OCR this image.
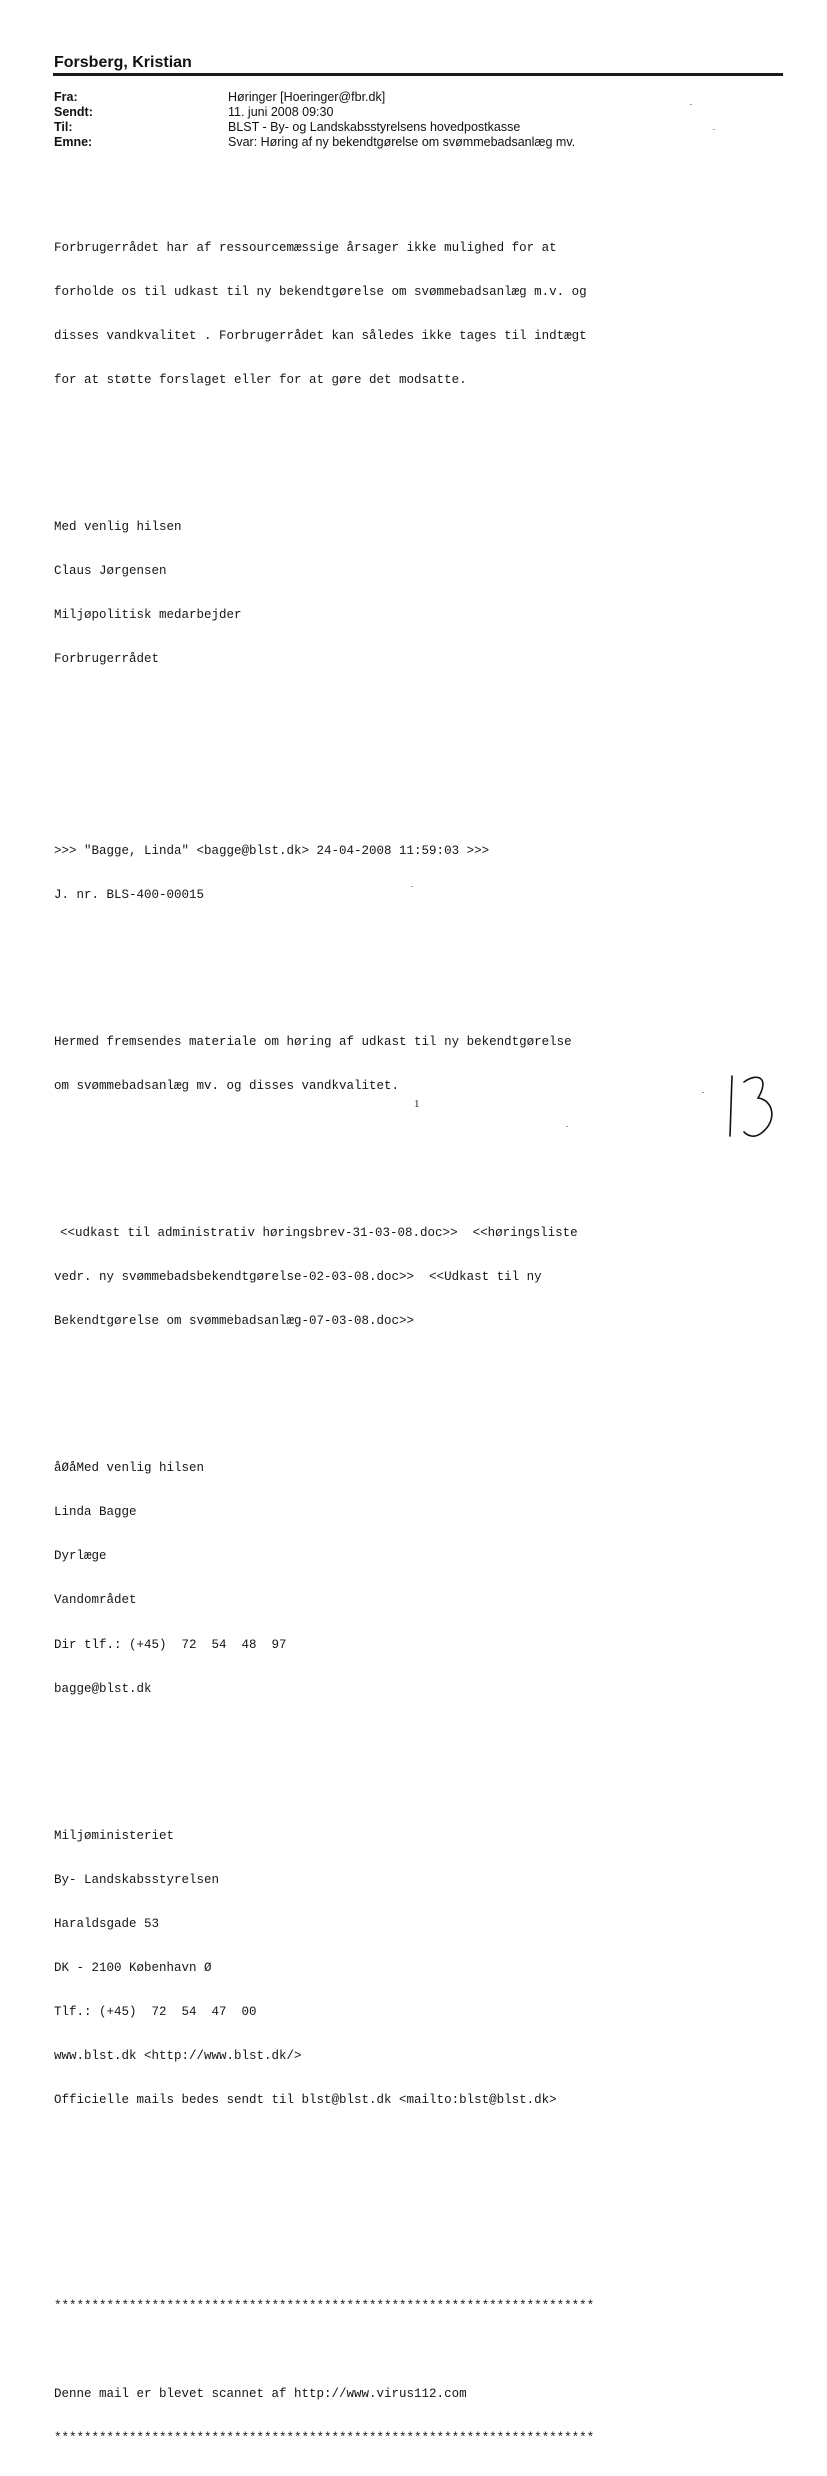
Forsberg, Kristian
Fra:	Høringer [Hoeringer@fbr.dk]
Sendt:	11. juni 2008 09:30
Til:	BLST - By- og Landskabsstyrelsens hovedpostkasse
Emne:	Svar: Høring af ny bekendtgørelse om svømmebadsanlæg mv.

Forbrugerrådet har af ressourcemæssige årsager ikke mulighed for at

forholde os til udkast til ny bekendtgørelse om svømmebadsanlæg m.v. og

disses vandkvalitet . Forbrugerrådet kan således ikke tages til indtægt

for at støtte forslaget eller for at gøre det modsatte.

Med venlig hilsen

Claus Jørgensen

Miljøpolitisk medarbejder

Forbrugerrådet

>>> "Bagge, Linda" <bagge@blst.dk> 24-04-2008 11:59:03 >>>

J. nr. BLS-400-00015

Hermed fremsendes materiale om høring af udkast til ny bekendtgørelse

om svømmebadsanlæg mv. og disses vandkvalitet.

<<udkast til administrativ høringsbrev-31-03-08.doc>>  <<høringsliste

vedr. ny svømmebadsbekendtgørelse-02-03-08.doc>>  <<Udkast til ny

Bekendtgørelse om svømmebadsanlæg-07-03-08.doc>>

åØåMed venlig hilsen

Linda Bagge

Dyrlæge

Vandområdet

Dir tlf.: (+45)  72  54  48  97

bagge@blst.dk

Miljøministeriet

By- Landskabsstyrelsen

Haraldsgade 53

DK - 2100 København Ø

Tlf.: (+45)  72  54  47  00

www.blst.dk <http://www.blst.dk/>

Officielle mails bedes sendt til blst@blst.dk <mailto:blst@blst.dk>

************************************************************************

Denne mail er blevet scannet af http://www.virus112.com

************************************************************************

1
